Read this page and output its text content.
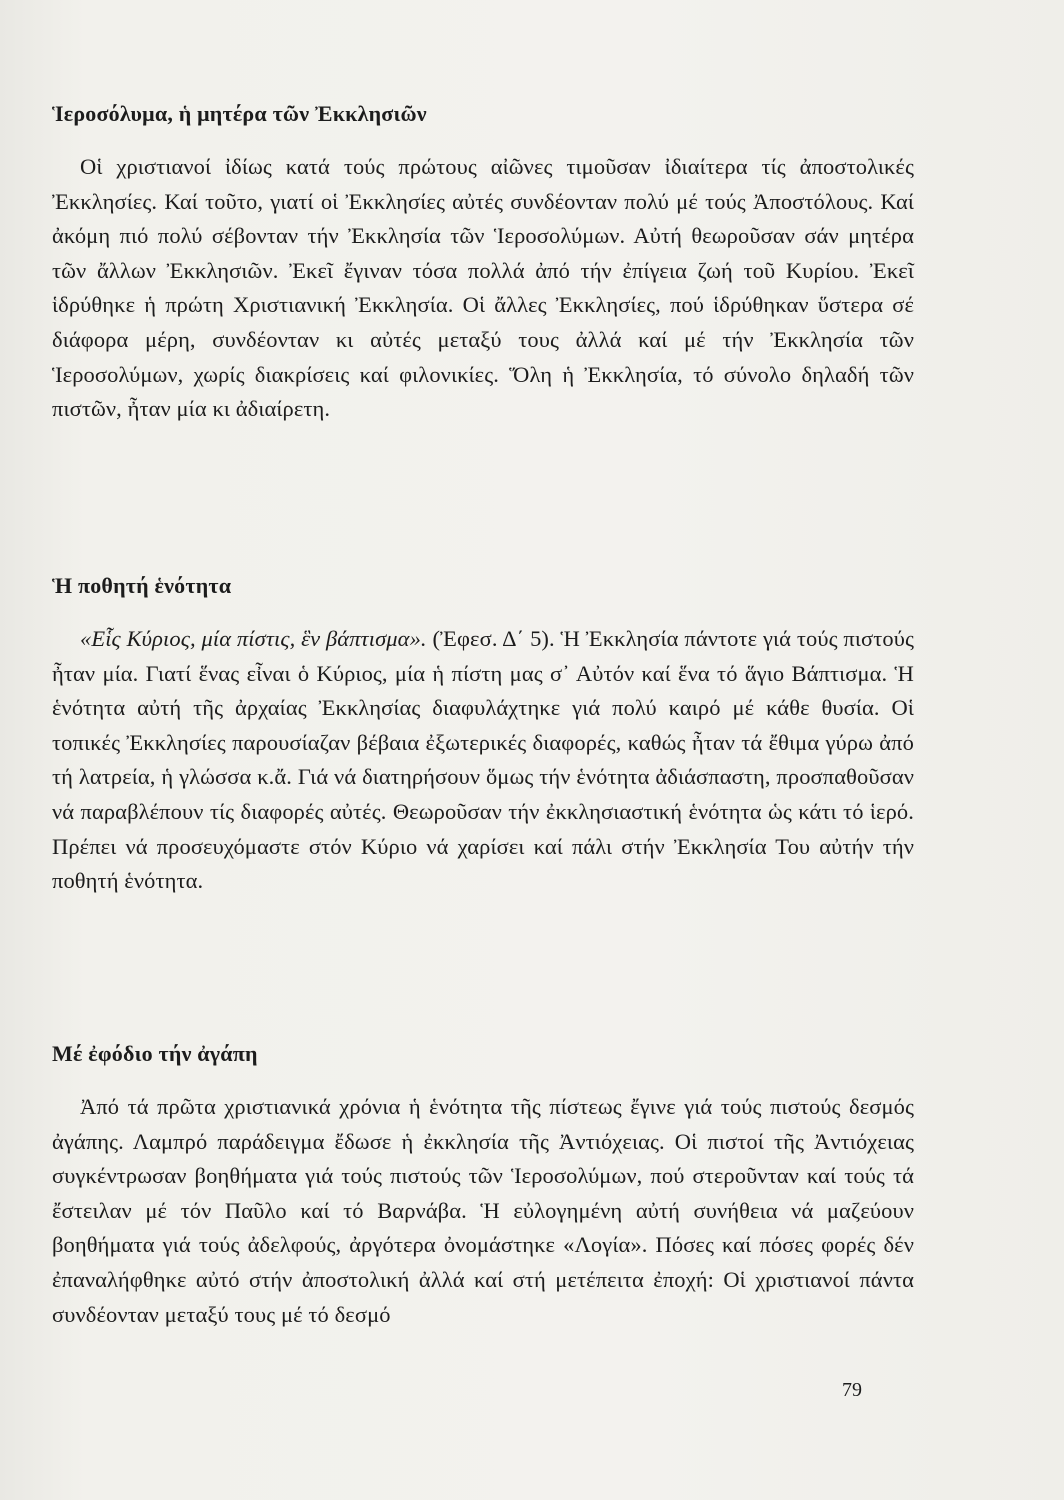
Ἱεροσόλυμα, ἡ μητέρα τῶν Ἐκκλησιῶν

Οἱ χριστιανοί ἰδίως κατά τούς πρώτους αἰῶνες τιμοῦσαν ἰδιαίτερα τίς ἀποστολικές Ἐκκλησίες. Καί τοῦτο, γιατί οἱ Ἐκκλησίες αὐτές συνδέονταν πολύ μέ τούς Ἀποστόλους. Καί ἀκόμη πιό πολύ σέβονταν τήν Ἐκκλησία τῶν Ἱεροσολύμων. Αὐτή θεωροῦσαν σάν μητέρα τῶν ἄλλων Ἐκκλησιῶν. Ἐκεῖ ἔγιναν τόσα πολλά ἀπό τήν ἐπίγεια ζωή τοῦ Κυρίου. Ἐκεῖ ἱδρύθηκε ἡ πρώτη Χριστιανική Ἐκκλησία. Οἱ ἄλλες Ἐκκλησίες, πού ἱδρύθηκαν ὕστερα σέ διάφορα μέρη, συνδέονταν κι αὐτές μεταξύ τους ἀλλά καί μέ τήν Ἐκκλησία τῶν Ἱεροσολύμων, χωρίς διακρίσεις καί φιλονικίες. Ὅλη ἡ Ἐκκλησία, τό σύνολο δηλαδή τῶν πιστῶν, ἦταν μία κι ἀδιαίρετη.

Ἡ ποθητή ἑνότητα

«Εἷς Κύριος, μία πίστις, ἓν βάπτισμα». (Ἐφεσ. Δ΄ 5). Ἡ Ἐκκλησία πάντοτε γιά τούς πιστούς ἦταν μία. Γιατί ἕνας εἶναι ὁ Κύριος, μία ἡ πίστη μας σ᾿ Αὐτόν καί ἕνα τό ἅγιο Βάπτισμα. Ἡ ἑνότητα αὐτή τῆς ἀρχαίας Ἐκκλησίας διαφυλάχτηκε γιά πολύ καιρό μέ κάθε θυσία. Οἱ τοπικές Ἐκκλησίες παρουσίαζαν βέβαια ἐξωτερικές διαφορές, καθώς ἦταν τά ἔθιμα γύρω ἀπό τή λατρεία, ἡ γλώσσα κ.ἄ. Γιά νά διατηρήσουν ὅμως τήν ἑνότητα ἀδιάσπαστη, προσπαθοῦσαν νά παραβλέπουν τίς διαφορές αὐτές. Θεωροῦσαν τήν ἐκκλησιαστική ἑνότητα ὡς κάτι τό ἱερό. Πρέπει νά προσευχόμαστε στόν Κύριο νά χαρίσει καί πάλι στήν Ἐκκλησία Του αὐτήν τήν ποθητή ἑνότητα.

Μέ ἐφόδιο τήν ἀγάπη

Ἀπό τά πρῶτα χριστιανικά χρόνια ἡ ἑνότητα τῆς πίστεως ἔγινε γιά τούς πιστούς δεσμός ἀγάπης. Λαμπρό παράδειγμα ἔδωσε ἡ ἐκκλησία τῆς Ἀντιόχειας. Οἱ πιστοί τῆς Ἀντιόχειας συγκέντρωσαν βοηθήματα γιά τούς πιστούς τῶν Ἱεροσολύμων, πού στεροῦνταν καί τούς τά ἔστειλαν μέ τόν Παῦλο καί τό Βαρνάβα. Ἡ εὐλογημένη αὐτή συνήθεια νά μαζεύουν βοηθήματα γιά τούς ἀδελφούς, ἀργότερα ὀνομάστηκε «Λογία». Πόσες καί πόσες φορές δέν ἐπαναλήφθηκε αὐτό στήν ἀποστολική ἀλλά καί στή μετέπειτα ἐποχή: Οἱ χριστιανοί πάντα συνδέονταν μεταξύ τους μέ τό δεσμό

79
